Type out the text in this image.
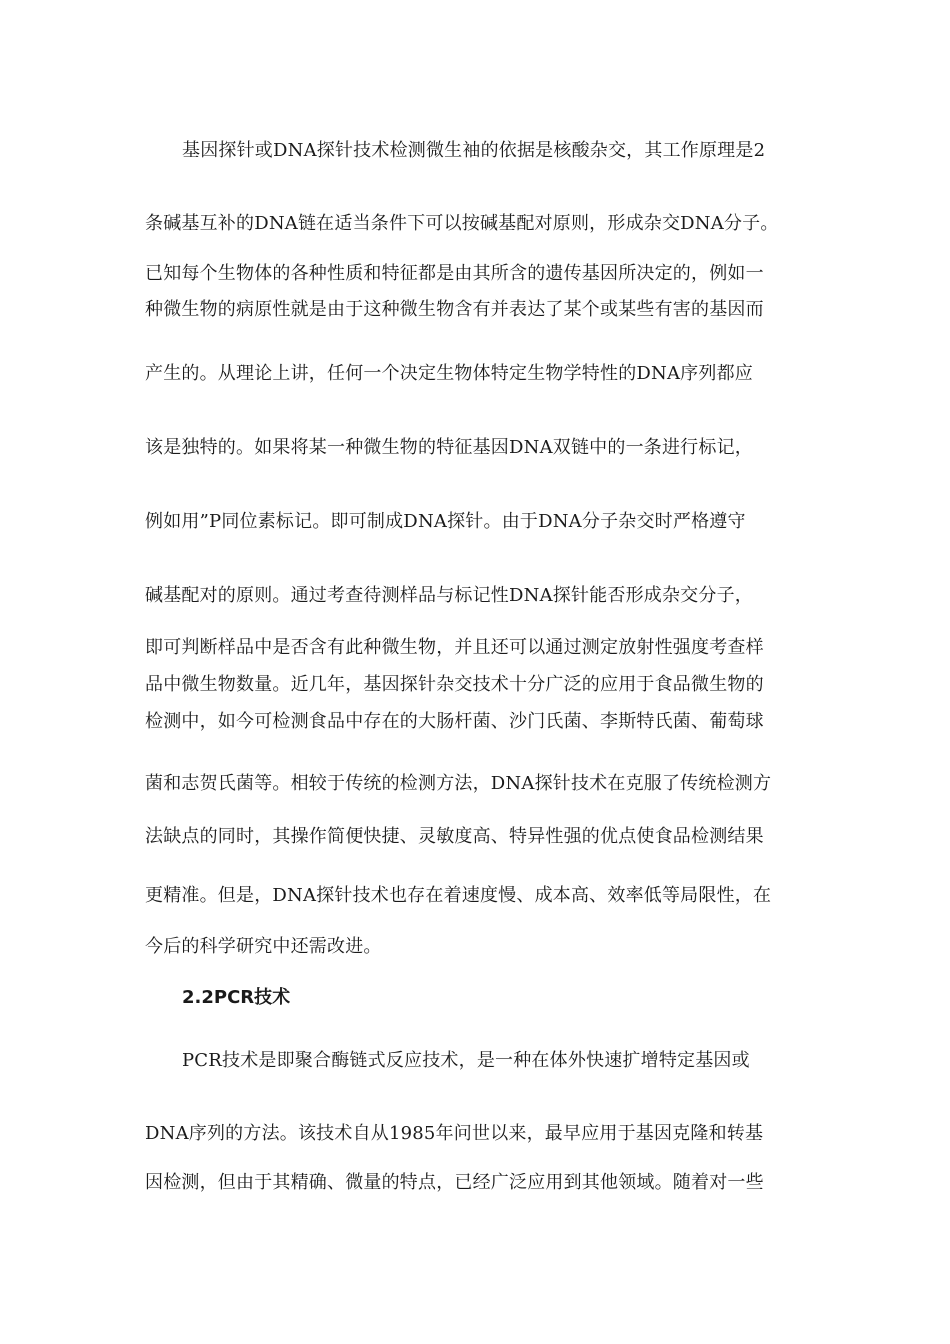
基因探针或DNA探针技术检测微生袖的依据是核酸杂交，其工作原理是2
条碱基互补的DNA链在适当条件下可以按碱基配对原则，形成杂交DNA分子。
已知每个生物体的各种性质和特征都是由其所含的遗传基因所决定的，例如一
种微生物的病原性就是由于这种微生物含有并表达了某个或某些有害的基因而
产生的。从理论上讲，任何一个决定生物体特定生物学特性的DNA序列都应
该是独特的。如果将某一种微生物的特征基因DNA双链中的一条进行标记，
例如用”P同位素标记。即可制成DNA探针。由于DNA分子杂交时严格遵守
碱基配对的原则。通过考查待测样品与标记性DNA探针能否形成杂交分子，
即可判断样品中是否含有此种微生物，并且还可以通过测定放射性强度考查样
品中微生物数量。近几年，基因探针杂交技术十分广泛的应用于食品微生物的
检测中，如今可检测食品中存在的大肠杆菌、沙门氏菌、李斯特氏菌、葡萄球
菌和志贺氏菌等。相较于传统的检测方法，DNA探针技术在克服了传统检测方
法缺点的同时，其操作简便快捷、灵敏度高、特异性强的优点使食品检测结果
更精准。但是，DNA探针技术也存在着速度慢、成本高、效率低等局限性，在
今后的科学研究中还需改进。
2.2PCR技术
PCR技术是即聚合酶链式反应技术，是一种在体外快速扩增特定基因或
DNA序列的方法。该技术自从1985年问世以来，最早应用于基因克隆和转基
因检测，但由于其精确、微量的特点，已经广泛应用到其他领域。随着对一些
